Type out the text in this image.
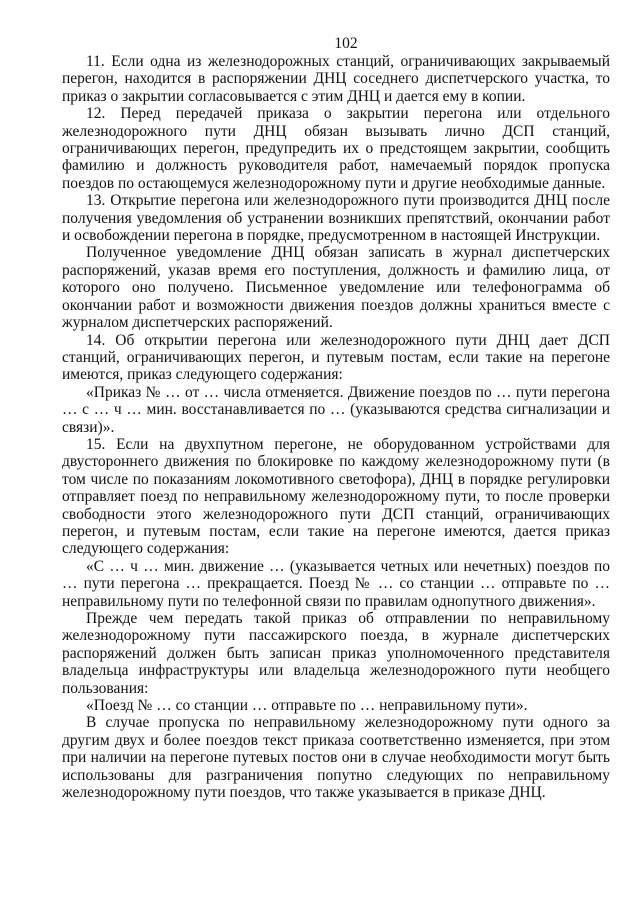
102

11. Если одна из железнодорожных станций, ограничивающих закрываемый перегон, находится в распоряжении ДНЦ соседнего диспетчерского участка, то приказ о закрытии согласовывается с этим ДНЦ и дается ему в копии.

12. Перед передачей приказа о закрытии перегона или отдельного железнодорожного пути ДНЦ обязан вызывать лично ДСП станций, ограничивающих перегон, предупредить их о предстоящем закрытии, сообщить фамилию и должность руководителя работ, намечаемый порядок пропуска поездов по остающемуся железнодорожному пути и другие необходимые данные.

13. Открытие перегона или железнодорожного пути производится ДНЦ после получения уведомления об устранении возникших препятствий, окончании работ и освобождении перегона в порядке, предусмотренном в настоящей Инструкции.

Полученное уведомление ДНЦ обязан записать в журнал диспетчерских распоряжений, указав время его поступления, должность и фамилию лица, от которого оно получено. Письменное уведомление или телефонограмма об окончании работ и возможности движения поездов должны храниться вместе с журналом диспетчерских распоряжений.

14. Об открытии перегона или железнодорожного пути ДНЦ дает ДСП станций, ограничивающих перегон, и путевым постам, если такие на перегоне имеются, приказ следующего содержания:

«Приказ № … от … числа отменяется. Движение поездов по … пути перегона … с … ч … мин. восстанавливается по … (указываются средства сигнализации и связи)».

15. Если на двухпутном перегоне, не оборудованном устройствами для двустороннего движения по блокировке по каждому железнодорожному пути (в том числе по показаниям локомотивного светофора), ДНЦ в порядке регулировки отправляет поезд по неправильному железнодорожному пути, то после проверки свободности этого железнодорожного пути ДСП станций, ограничивающих перегон, и путевым постам, если такие на перегоне имеются, дается приказ следующего содержания:

«С … ч … мин. движение … (указывается четных или нечетных) поездов по … пути перегона … прекращается. Поезд № … со станции … отправьте по … неправильному пути по телефонной связи по правилам однопутного движения».

Прежде чем передать такой приказ об отправлении по неправильному железнодорожному пути пассажирского поезда, в журнале диспетчерских распоряжений должен быть записан приказ уполномоченного представителя владельца инфраструктуры или владельца железнодорожного пути необщего пользования:

«Поезд № … со станции … отправьте по … неправильному пути».

В случае пропуска по неправильному железнодорожному пути одного за другим двух и более поездов текст приказа соответственно изменяется, при этом при наличии на перегоне путевых постов они в случае необходимости могут быть использованы для разграничения попутно следующих по неправильному железнодорожному пути поездов, что также указывается в приказе ДНЦ.
